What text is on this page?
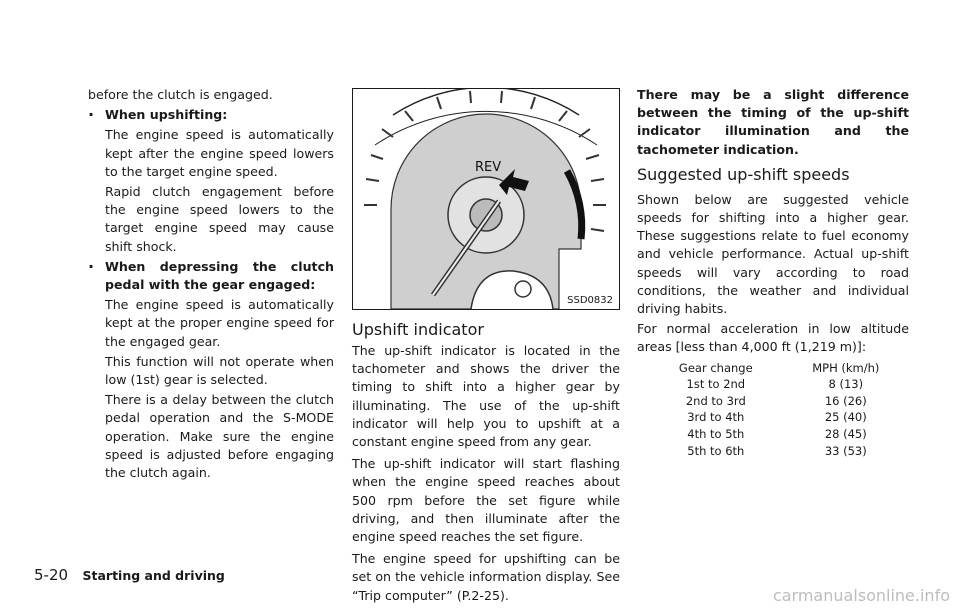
before the clutch is engaged.

. When upshifting:

The engine speed is automatically kept after the engine speed lowers to the target engine speed.

Rapid clutch engagement before the engine speed lowers to the target engine speed may cause shift shock.

. When depressing the clutch pedal with the gear engaged:

The engine speed is automatically kept at the proper engine speed for the engaged gear.

This function will not operate when low (1st) gear is selected.

There is a delay between the clutch pedal operation and the S-MODE operation. Make sure the engine speed is adjusted before engaging the clutch again.

REV
SSD0832
Upshift indicator

The up-shift indicator is located in the tachometer and shows the driver the timing to shift into a higher gear by illuminating. The use of the up-shift indicator will help you to upshift at a constant engine speed from any gear.

The up-shift indicator will start flashing when the engine speed reaches about 500 rpm before the set figure while driving, and then illuminate after the engine speed reaches the set figure.

The engine speed for upshifting can be set on the vehicle information display. See “Trip computer” (P.2-25).

There may be a slight difference between the timing of the up-shift indicator illumination and the tachometer indication.

Suggested up-shift speeds

Shown below are suggested vehicle speeds for shifting into a higher gear. These suggestions relate to fuel economy and vehicle performance. Actual up-shift speeds will vary according to road conditions, the weather and individual driving habits.

For normal acceleration in low altitude areas [less than 4,000 ft (1,219 m)]:

Gear change	MPH (km/h)
1st to 2nd	8 (13)
2nd to 3rd	16 (26)
3rd to 4th	25 (40)
4th to 5th	28 (45)
5th to 6th	33 (53)
5-20 Starting and driving
carmanualsonline.info
